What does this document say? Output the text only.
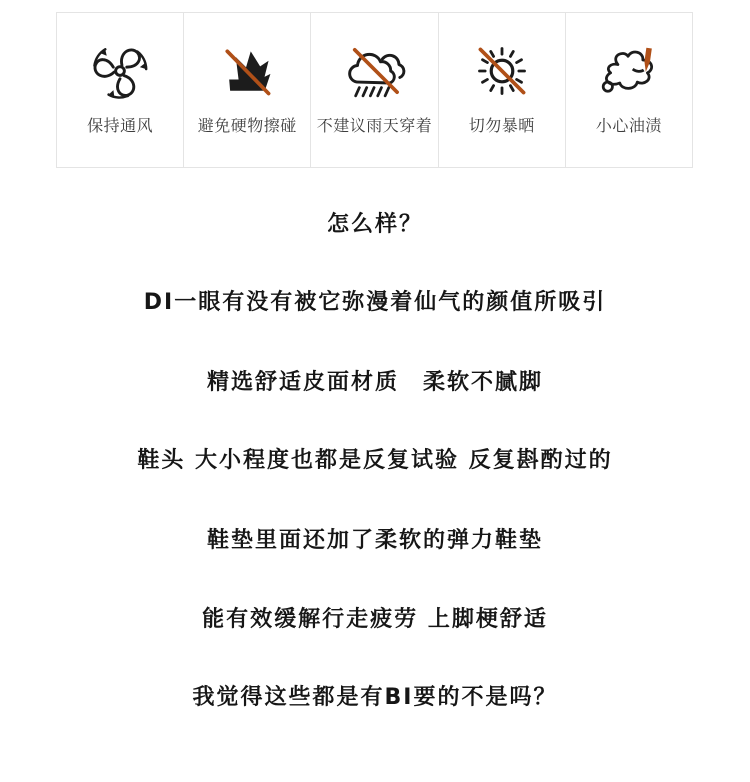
保持通风	避免硬物擦碰 不建议雨天穿着 切勿暴晒	小心油渍

怎么样？

DI一眼有没有被它弥漫着仙气的颜值所吸引

精选舒适皮面材质　柔软不腻脚

鞋头 大小程度也都是反复试验 反复斟酌过的

鞋垫里面还加了柔软的弹力鞋垫

能有效缓解行走疲劳 上脚梗舒适

我觉得这些都是有BI要的不是吗？
